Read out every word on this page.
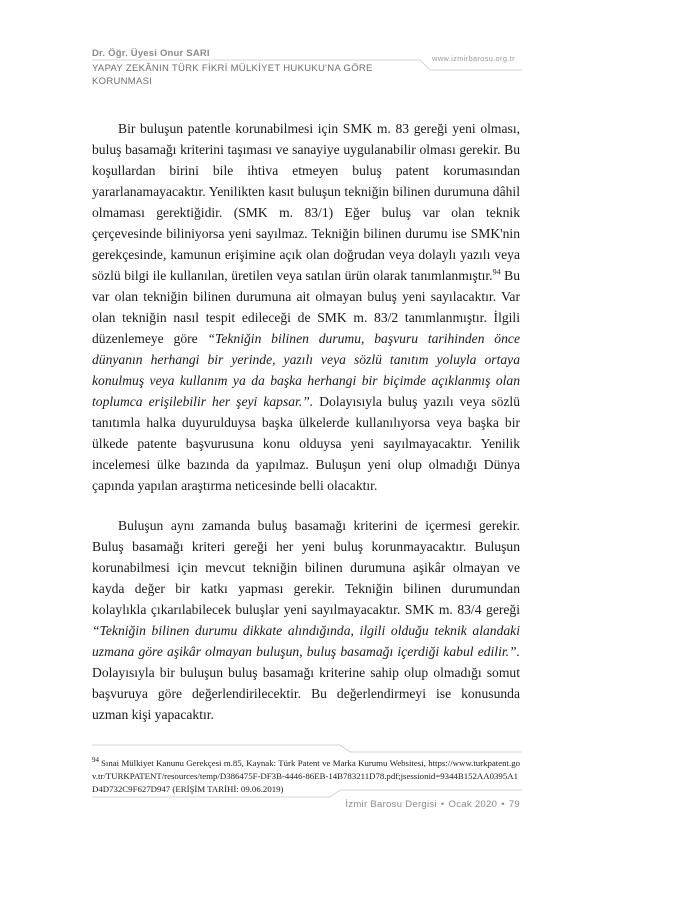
Dr. Öğr. Üyesi Onur SARI
YAPAY ZEKÂNIN TÜRK FİKRİ MÜLKİYET HUKUKU'NA GÖRE KORUNMASI
www.izmirbarosu.org.tr

Bir buluşun patentle korunabilmesi için SMK m. 83 gereği yeni olması, buluş basamağı kriterini taşıması ve sanayiye uygulanabilir olması gerekir. Bu koşullardan birini bile ihtiva etmeyen buluş patent korumasından yararlanamayacaktır. Yenilikten kasıt buluşun tekniğin bilinen durumuna dâhil olmaması gerektiğidir. (SMK m. 83/1) Eğer buluş var olan teknik çerçevesinde biliniyorsa yeni sayılmaz. Tekniğin bilinen durumu ise SMK'nin gerekçesinde, kamunun erişimine açık olan doğrudan veya dolaylı yazılı veya sözlü bilgi ile kullanılan, üretilen veya satılan ürün olarak tanımlanmıştır.$^{94}$ Bu var olan tekniğin bilinen durumuna ait olmayan buluş yeni sayılacaktır. Var olan tekniğin nasıl tespit edileceği de SMK m. 83/2 tanımlanmıştır. İlgili düzenlemeye göre “Tekniğin bilinen durumu, başvuru tarihinden önce dünyanın herhangi bir yerinde, yazılı veya sözlü tanıtım yoluyla ortaya konulmuş veya kullanım ya da başka herhangi bir biçimde açıklanmış olan toplumca erişilebilir her şeyi kapsar.”. Dolayısıyla buluş yazılı veya sözlü tanıtımla halka duyurulduysa başka ülkelerde kullanılıyorsa veya başka bir ülkede patente başvurusuna konu olduysa yeni sayılmayacaktır. Yenilik incelemesi ülke bazında da yapılmaz. Buluşun yeni olup olmadığı Dünya çapında yapılan araştırma neticesinde belli olacaktır.

Buluşun aynı zamanda buluş basamağı kriterini de içermesi gerekir. Buluş basamağı kriteri gereği her yeni buluş korunmayacaktır. Buluşun korunabilmesi için mevcut tekniğin bilinen durumuna aşikâr olmayan ve kayda değer bir katkı yapması gerekir. Tekniğin bilinen durumundan kolaylıkla çıkarılabilecek buluşlar yeni sayılmayacaktır. SMK m. 83/4 gereği “Tekniğin bilinen durumu dikkate alındığında, ilgili olduğu teknik alandaki uzmana göre aşikâr olmayan buluşun, buluş basamağı içerdiği kabul edilir.”. Dolayısıyla bir buluşun buluş basamağı kriterine sahip olup olmadığı somut başvuruya göre değerlendirilecektir. Bu değerlendirmeyi ise konusunda uzman kişi yapacaktır.

$^{94}$ Sınai Mülkiyet Kanunu Gerekçesi m.85, Kaynak: Türk Patent ve Marka Kurumu Websitesi, https://www.turkpatent.gov.tr/TURKPATENT/resources/temp/D386475F-DF3B-4446-86EB-14B783211D78.pdf;jsessionid=9344B152AA0395A1D4D732C9F627D947 (ERİŞİM TARİHİ: 09.06.2019)
İzmir Barosu Dergisi • Ocak 2020 • 79
